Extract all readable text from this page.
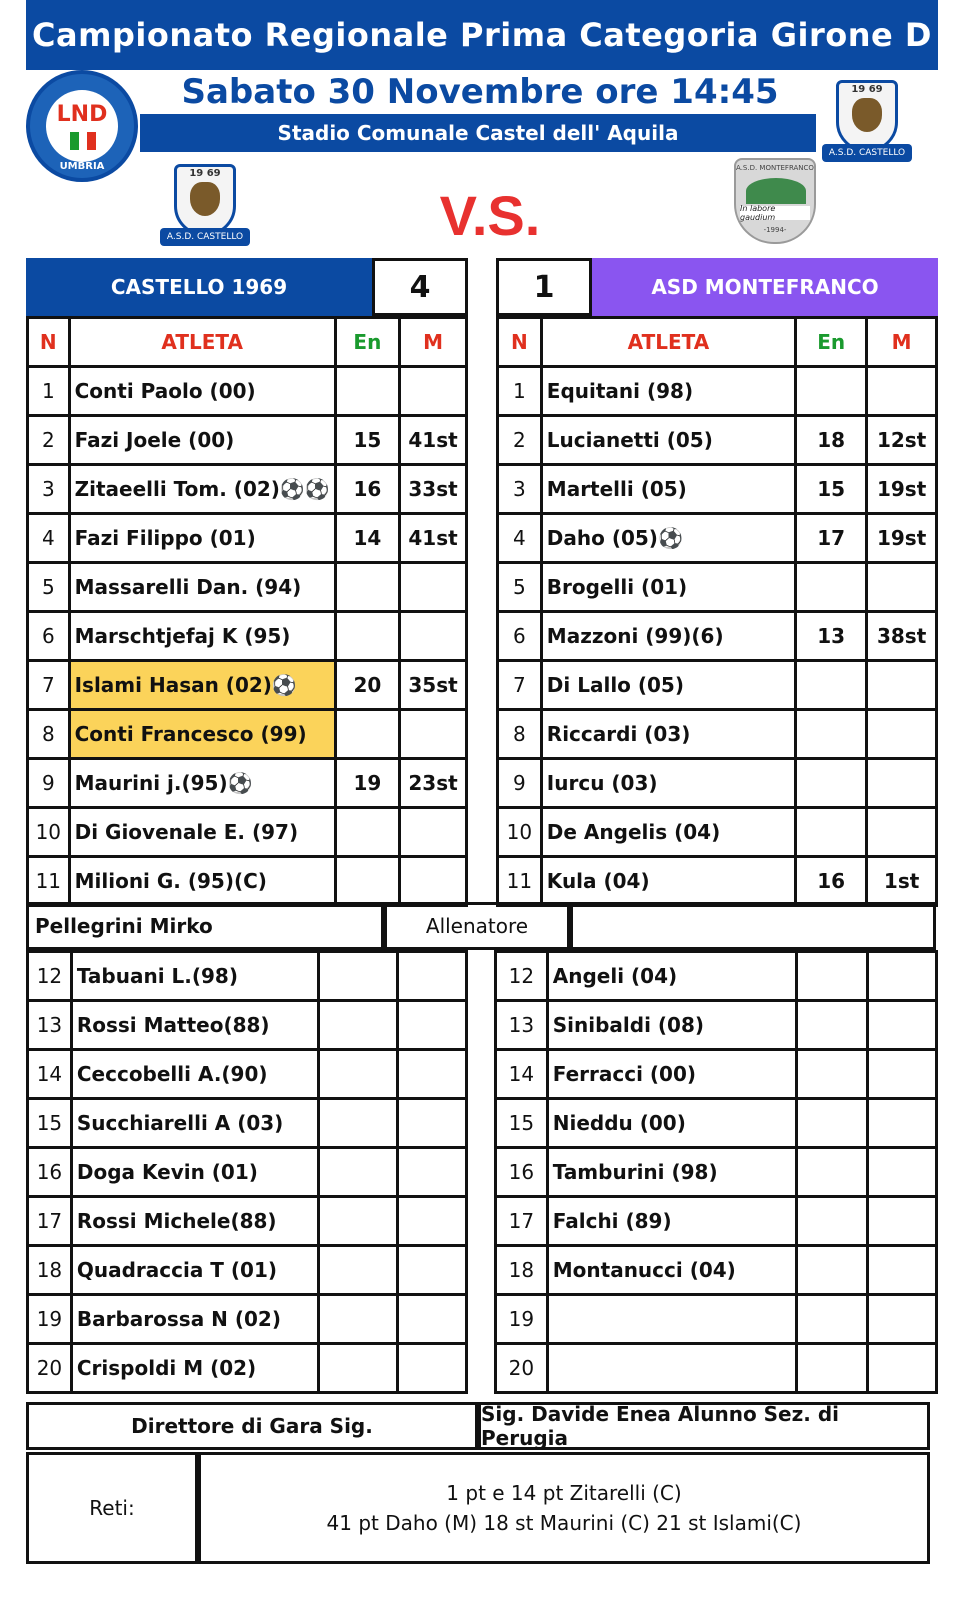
Campionato Regionale Prima Categoria Girone D
LND
UMBRIA
Sabato 30 Novembre ore 14:45
Stadio Comunale Castel dell' Aquila
19 69
A.S.D. CASTELLO
19 69
A.S.D. CASTELLO	V.S.
A.S.D. MONTEFRANCO
In labore gaudium
-1994-
CASTELLO 1969	4	1	ASD MONTEFRANCO
N	ATLETA	En	M
1	Conti Paolo (00)		
2	Fazi Joele (00)	15	41st
3	Zitaeelli Tom. (02)⚽⚽	16	33st
4	Fazi Filippo (01)	14	41st
5	Massarelli Dan. (94)		
6	Marschtjefaj K (95)		
7	Islami Hasan (02)⚽	20	35st
8	Conti Francesco (99)		
9	Maurini j.(95)⚽	19	23st
10	Di Giovenale E. (97)		
11	Milioni G. (95)(C)		
N	ATLETA	En	M
1	Equitani (98)		
2	Lucianetti (05)	18	12st
3	Martelli (05)	15	19st
4	Daho (05)⚽	17	19st
5	Brogelli (01)		
6	Mazzoni (99)(6)	13	38st
7	Di Lallo (05)		
8	Riccardi (03)		
9	Iurcu (03)		
10	De Angelis (04)		
11	Kula (04)	16	1st
Pellegrini Mirko	Allenatore
12	Tabuani L.(98)		
13	Rossi Matteo(88)		
14	Ceccobelli A.(90)		
15	Succhiarelli A (03)		
16	Doga Kevin (01)		
17	Rossi Michele(88)		
18	Quadraccia T (01)		
19	Barbarossa N (02)		
20	Crispoldi M (02)		
12	Angeli (04)		
13	Sinibaldi (08)		
14	Ferracci (00)		
15	Nieddu (00)		
16	Tamburini (98)		
17	Falchi (89)		
18	Montanucci (04)		
19			
20			
Direttore di Gara Sig.	Sig. Davide Enea Alunno Sez. di Perugia
Reti:
1 pt e 14 pt Zitarelli (C)
41 pt Daho (M) 18 st Maurini (C) 21 st Islami(C)
